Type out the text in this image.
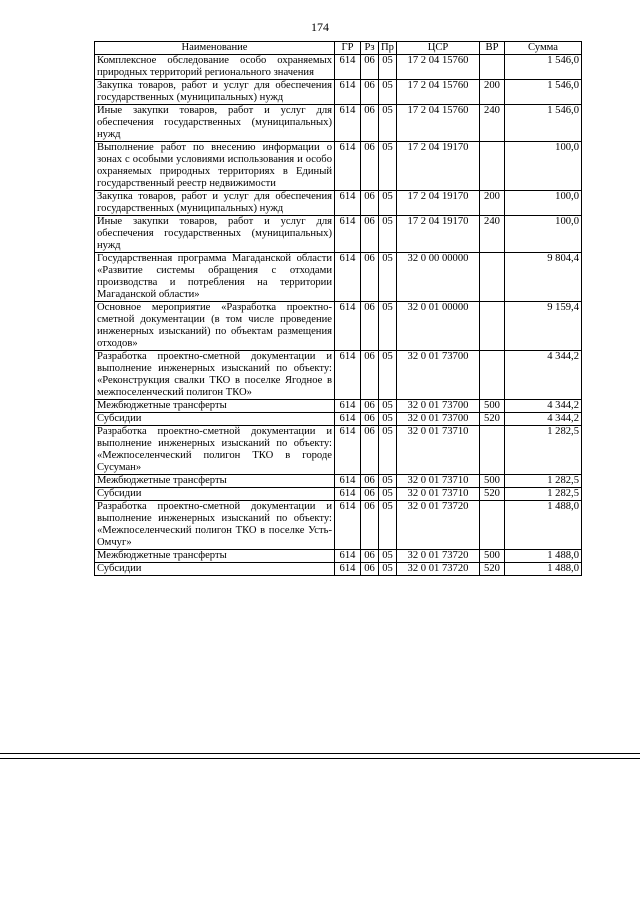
174
Наименование	ГР	Рз	Пр	ЦСР	ВР	Сумма
Комплексное обследование особо охраняемых природных территорий регионального значения	614	06	05	17 2 04 15760		1 546,0
Закупка товаров, работ и услуг для обеспечения государственных (муниципальных) нужд	614	06	05	17 2 04 15760	200	1 546,0
Иные закупки товаров, работ и услуг для обеспечения государственных (муниципальных) нужд	614	06	05	17 2 04 15760	240	1 546,0
Выполнение работ по внесению информации о зонах с особыми условиями использования и особо охраняемых природных территориях в Единый государственный реестр недвижимости	614	06	05	17 2 04 19170		100,0
Закупка товаров, работ и услуг для обеспечения государственных (муниципальных) нужд	614	06	05	17 2 04 19170	200	100,0
Иные закупки товаров, работ и услуг для обеспечения государственных (муниципальных) нужд	614	06	05	17 2 04 19170	240	100,0
Государственная программа Магаданской области «Развитие системы обращения с отходами производства и потребления на территории Магаданской области»	614	06	05	32 0 00 00000		9 804,4
Основное мероприятие «Разработка проектно-сметной документации (в том числе проведение инженерных изысканий) по объектам размещения отходов»	614	06	05	32 0 01 00000		9 159,4
Разработка проектно-сметной документации и выполнение инженерных изысканий по объекту: «Реконструкция свалки ТКО в поселке Ягодное в межпоселенческий полигон ТКО»	614	06	05	32 0 01 73700		4 344,2
Межбюджетные трансферты	614	06	05	32 0 01 73700	500	4 344,2
Субсидии	614	06	05	32 0 01 73700	520	4 344,2
Разработка проектно-сметной документации и выполнение инженерных изысканий по объекту: «Межпоселенческий полигон ТКО в городе Сусуман»	614	06	05	32 0 01 73710		1 282,5
Межбюджетные трансферты	614	06	05	32 0 01 73710	500	1 282,5
Субсидии	614	06	05	32 0 01 73710	520	1 282,5
Разработка проектно-сметной документации и выполнение инженерных изысканий по объекту: «Межпоселенческий полигон ТКО в поселке Усть-Омчуг»	614	06	05	32 0 01 73720		1 488,0
Межбюджетные трансферты	614	06	05	32 0 01 73720	500	1 488,0
Субсидии	614	06	05	32 0 01 73720	520	1 488,0
